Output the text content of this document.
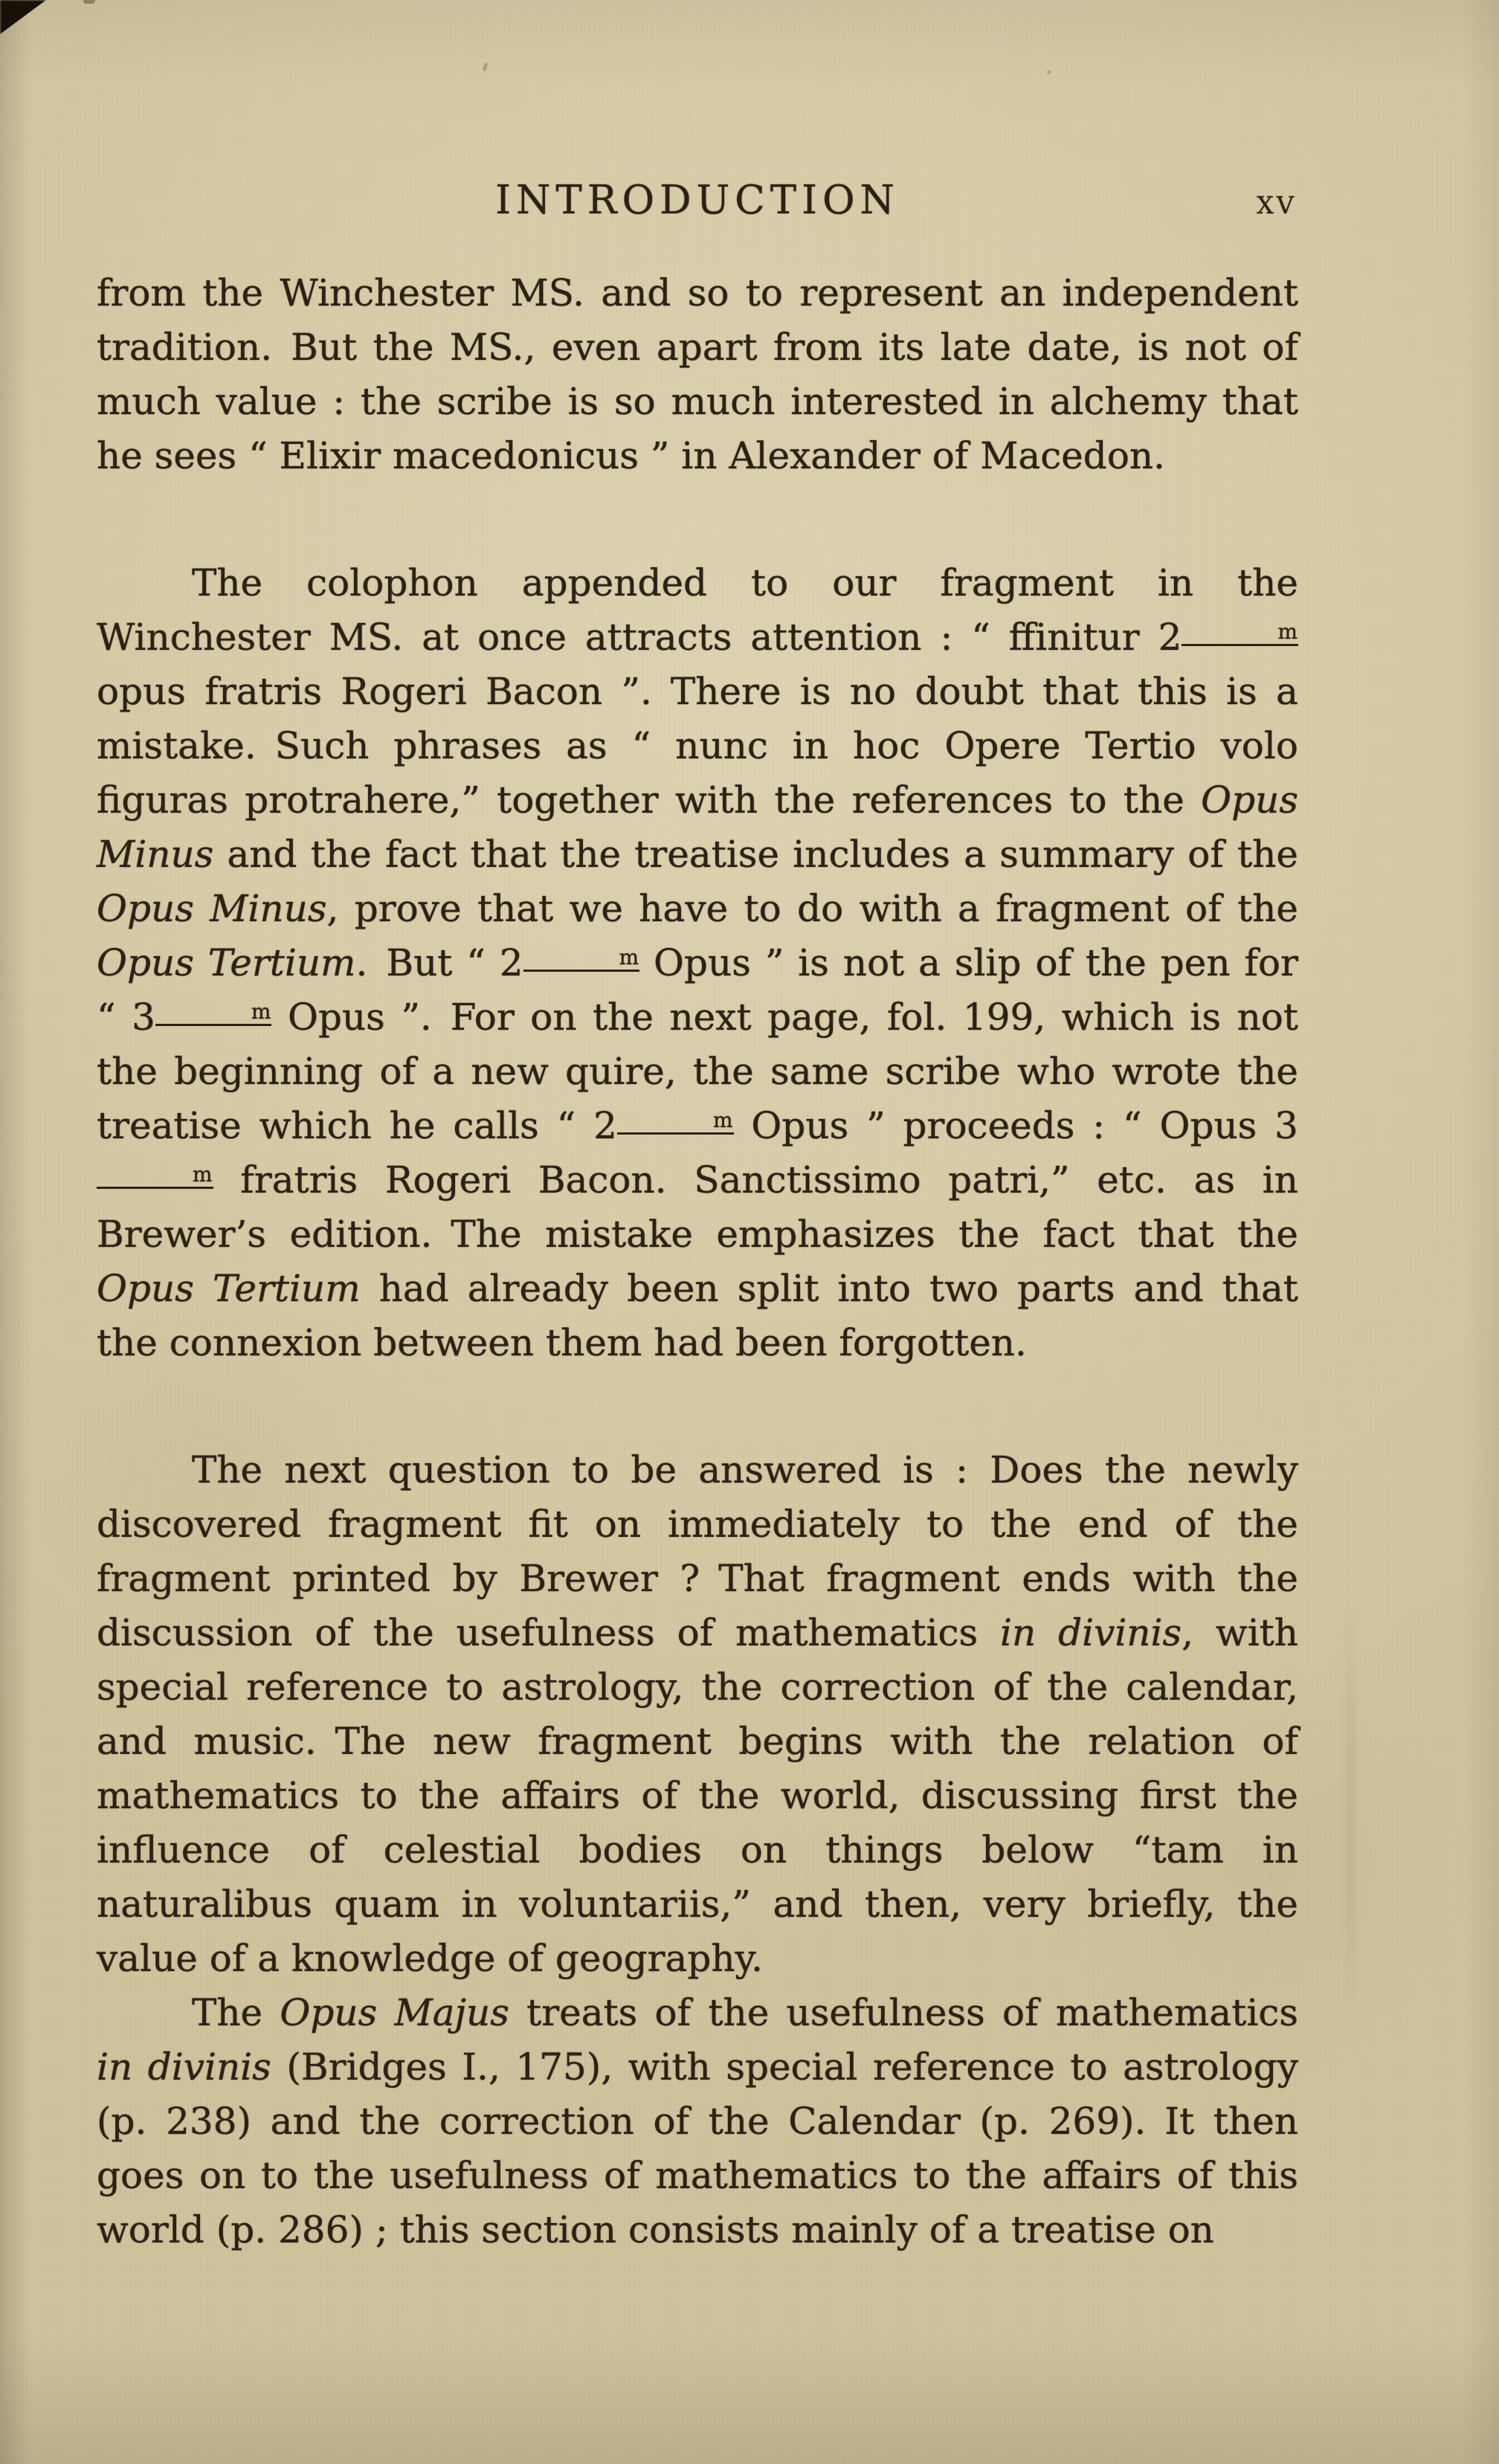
INTRODUCTION	xv

from the Winchester MS. and so to represent an independent tradition. But the MS., even apart from its late date, is not of much value : the scribe is so much interested in alchemy that he sees “ Elixir macedonicus ” in Alexander of Macedon.

The colophon appended to our fragment in the Winchester MS. at once attracts attention : “ ffinitur 2	m opus fratris Rogeri Bacon ”. There is no doubt that this is a mistake. Such phrases as “ nunc in hoc Opere Tertio volo figuras protrahere,” together with the references to the Opus Minus and the fact that the treatise includes a summary of the Opus Minus, prove that we have to do with a fragment of the Opus Tertium. But “ 2	m Opus ” is not a slip of the pen for “ 3	m Opus ”. For on the next page, fol. 199, which is not the beginning of a new quire, the same scribe who wrote the treatise which he calls “ 2	m Opus ” proceeds : “ Opus 3m fratris Rogeri Bacon. Sanctissimo patri,” etc. as in Brewer’s edition. The mistake emphasizes the fact that the Opus Tertium had already been split into two parts and that the connexion between them had been forgotten.

The next question to be answered is : Does the newly discovered fragment fit on immediately to the end of the fragment printed by Brewer ? That fragment ends with the discussion of the usefulness of mathematics in divinis, with special reference to astrology, the correction of the calendar, and music. The new fragment begins with the relation of mathematics to the affairs of the world, discussing first the influence of celestial bodies on things below “tam in naturalibus quam in voluntariis,” and then, very briefly, the value of a knowledge of geography.

The Opus Majus treats of the usefulness of mathematics in divinis (Bridges I., 175), with special reference to astrology (p. 238) and the correction of the Calendar (p. 269). It then goes on to the usefulness of mathematics to the affairs of this world (p. 286) ; this section consists mainly of a treatise on
